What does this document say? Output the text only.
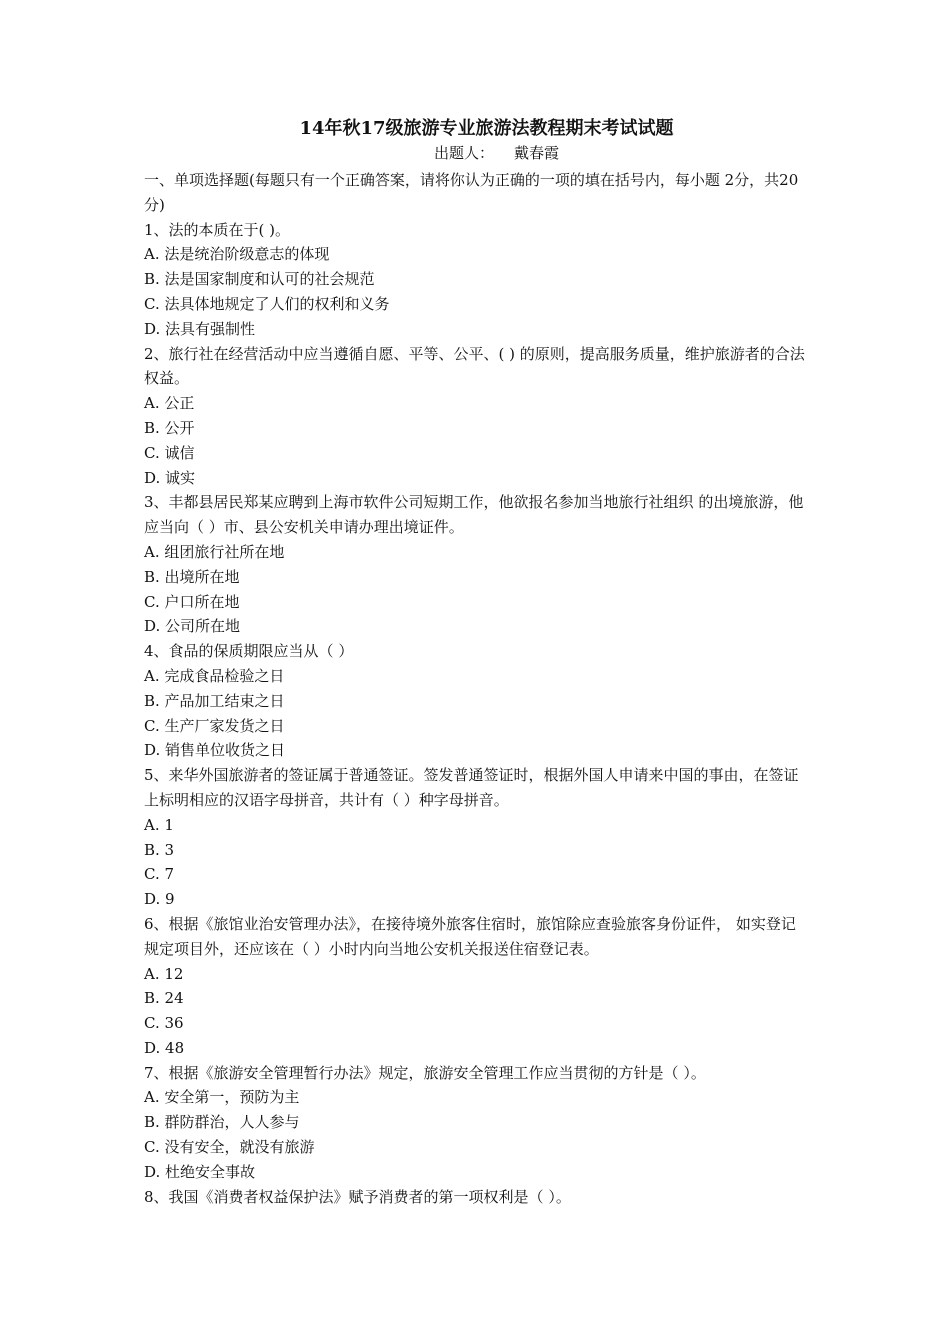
14年秋17级旅游专业旅游法教程期末考试试题

出题人： 戴春霞

一、单项选择题(每题只有一个正确答案，请将你认为正确的一项的填在括号内，每小题 2分，共20分)

1、法的本质在于( )。

A. 法是统治阶级意志的体现

B. 法是国家制度和认可的社会规范

C. 法具体地规定了人们的权利和义务

D. 法具有强制性

2、旅行社在经营活动中应当遵循自愿、平等、公平、( ) 的原则，提高服务质量，维护旅游者的合法权益。

A. 公正

B. 公开

C. 诚信

D. 诚实

3、丰都县居民郑某应聘到上海市软件公司短期工作，他欲报名参加当地旅行社组织 的出境旅游，他应当向（ ）市、县公安机关申请办理出境证件。

A. 组团旅行社所在地

B. 出境所在地

C. 户口所在地

D. 公司所在地

4、食品的保质期限应当从（ ）

A. 完成食品检验之日

B. 产品加工结束之日

C. 生产厂家发货之日

D. 销售单位收货之日

5、来华外国旅游者的签证属于普通签证。签发普通签证时，根据外国人申请来中国的事由，在签证上标明相应的汉语字母拼音，共计有（ ）种字母拼音。

A. 1

B. 3

C. 7

D. 9

6、根据《旅馆业治安管理办法》，在接待境外旅客住宿时，旅馆除应查验旅客身份证件， 如实登记规定项目外，还应该在（ ）小时内向当地公安机关报送住宿登记表。

A. 12

B. 24

C. 36

D. 48

7、根据《旅游安全管理暂行办法》规定，旅游安全管理工作应当贯彻的方针是（ ）。

A. 安全第一，预防为主

B. 群防群治，人人参与

C. 没有安全，就没有旅游

D. 杜绝安全事故

8、我国《消费者权益保护法》赋予消费者的第一项权利是（ ）。
